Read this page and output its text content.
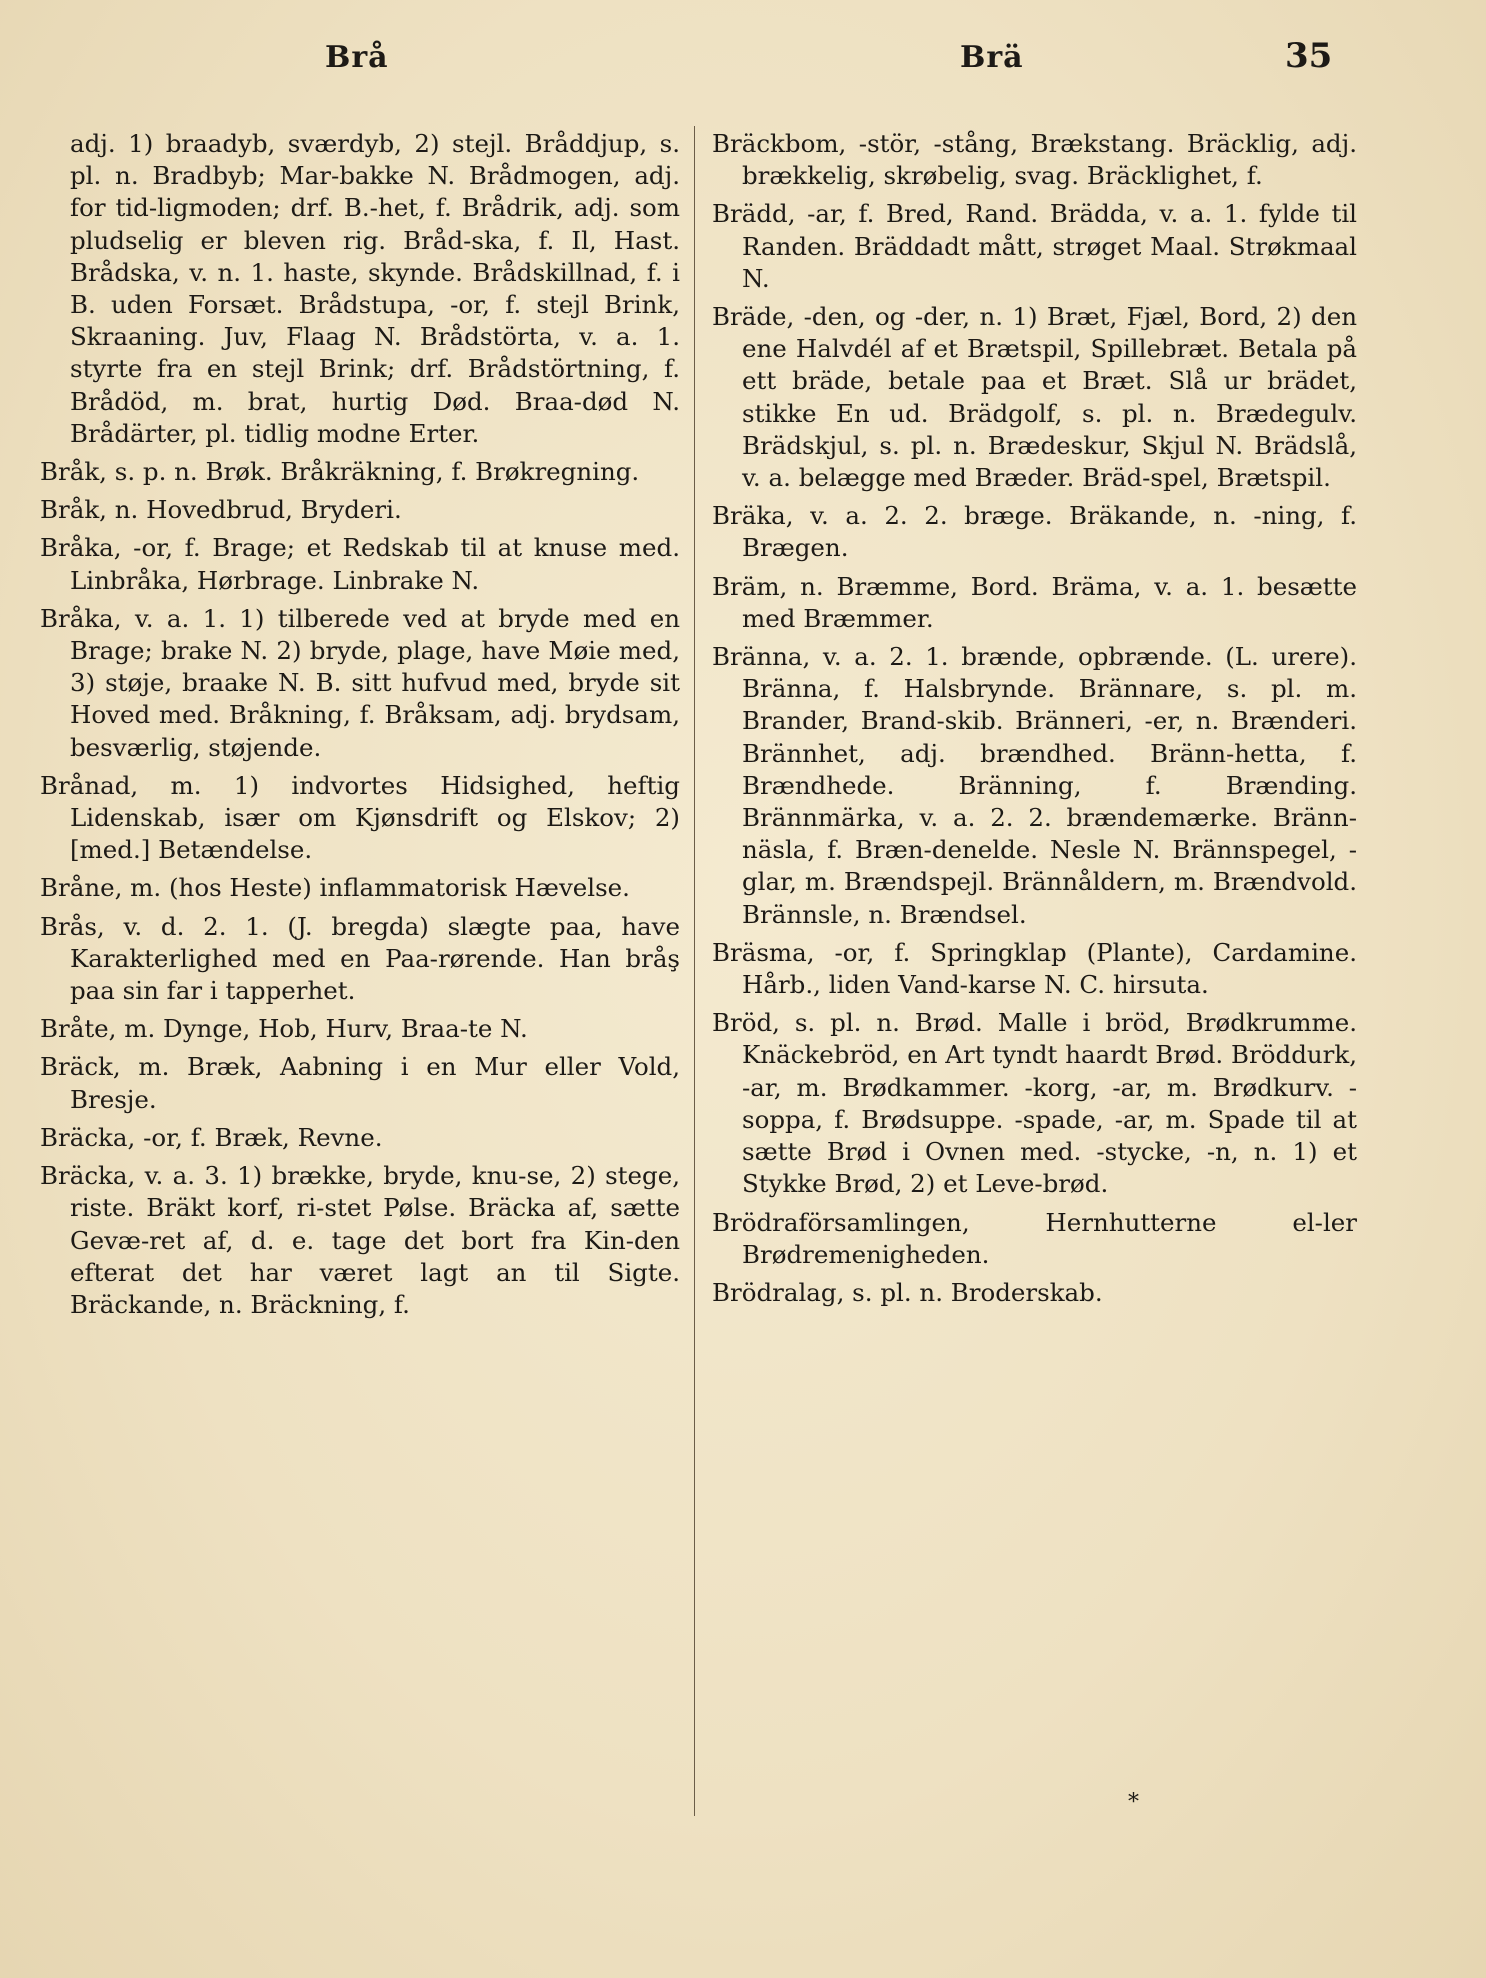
Brå	Brä	35

adj. 1) braadyb, sværdyb, 2) stejl. Bråddjup, s. pl. n. Bradbyb; Mar-bakke N. Brådmogen, adj. for tid-ligmoden; drf. B.-het, f. Brådrik, adj. som pludselig er bleven rig. Bråd-ska, f. Il, Hast. Brådska, v. n. 1. haste, skynde. Brådskillnad, f. i B. uden Forsæt. Brådstupa, -or, f. stejl Brink, Skraaning. Juv, Flaag N. Brådstörta, v. a. 1. styrte fra en stejl Brink; drf. Brådstörtning, f. Brådöd, m. brat, hurtig Død. Braa-død N. Brådärter, pl. tidlig modne Erter.

Bråk, s. p. n. Brøk. Bråkräkning, f. Brøkregning.

Bråk, n. Hovedbrud, Bryderi.

Bråka, -or, f. Brage; et Redskab til at knuse med. Linbråka, Hørbrage. Linbrake N.

Bråka, v. a. 1. 1) tilberede ved at bryde med en Brage; brake N. 2) bryde, plage, have Møie med, 3) støje, braake N. B. sitt hufvud med, bryde sit Hoved med. Bråkning, f. Bråksam, adj. brydsam, besværlig, støjende.

Brånad, m. 1) indvortes Hidsighed, heftig Lidenskab, især om Kjønsdrift og Elskov; 2) [med.] Betændelse.

Bråne, m. (hos Heste) inflammatorisk Hævelse.

Brås, v. d. 2. 1. (J. bregda) slægte paa, have Karakterlighed med en Paa-rørende. Han bråş paa sin far i tapperhet.

Bråte, m. Dynge, Hob, Hurv, Braa-te N.

Bräck, m. Bræk, Aabning i en Mur eller Vold, Bresje.

Bräcka, -or, f. Bræk, Revne.

Bräcka, v. a. 3. 1) brække, bryde, knu-se, 2) stege, riste. Bräkt korf, ri-stet Pølse. Bräcka af, sætte Gevæ-ret af, d. e. tage det bort fra Kin-den efterat det har været lagt an til Sigte. Bräckande, n. Bräckning, f.

Bräckbom, -stör, -stång, Brækstang. Bräcklig, adj. brækkelig, skrøbelig, svag. Bräcklighet, f.

Brädd, -ar, f. Bred, Rand. Brädda, v. a. 1. fylde til Randen. Bräddadt mått, strøget Maal. Strøkmaal N.

Bräde, -den, og -der, n. 1) Bræt, Fjæl, Bord, 2) den ene Halvdél af et Brætspil, Spillebræt. Betala på ett bräde, betale paa et Bræt. Slå ur brädet, stikke En ud. Brädgolf, s. pl. n. Brædegulv. Brädskjul, s. pl. n. Brædeskur, Skjul N. Brädslå, v. a. belægge med Bræder. Bräd-spel, Brætspil.

Bräka, v. a. 2. 2. bræge. Bräkande, n. -ning, f. Brægen.

Bräm, n. Bræmme, Bord. Bräma, v. a. 1. besætte med Bræmmer.

Bränna, v. a. 2. 1. brænde, opbrænde. (L. urere). Bränna, f. Halsbrynde. Brännare, s. pl. m. Brander, Brand-skib. Bränneri, -er, n. Brænderi. Brännhet, adj. brændhed. Bränn-hetta, f. Brændhede. Bränning, f. Brænding. Brännmärka, v. a. 2. 2. brændemærke. Bränn-näsla, f. Bræn-denelde. Nesle N. Brännspegel, -glar, m. Brændspejl. Brännåldern, m. Brændvold. Brännsle, n. Brændsel.

Bräsma, -or, f. Springklap (Plante), Cardamine. Hårb., liden Vand-karse N. C. hirsuta.

Bröd, s. pl. n. Brød. Malle i bröd, Brødkrumme. Knäckebröd, en Art tyndt haardt Brød. Bröddurk, -ar, m. Brødkammer. -korg, -ar, m. Brødkurv. -soppa, f. Brødsuppe. -spade, -ar, m. Spade til at sætte Brød i Ovnen med. -stycke, -n, n. 1) et Stykke Brød, 2) et Leve-brød.

Brödraförsamlingen, Hernhutterne el-ler Brødremenigheden.

Brödralag, s. pl. n. Broderskab.

*
